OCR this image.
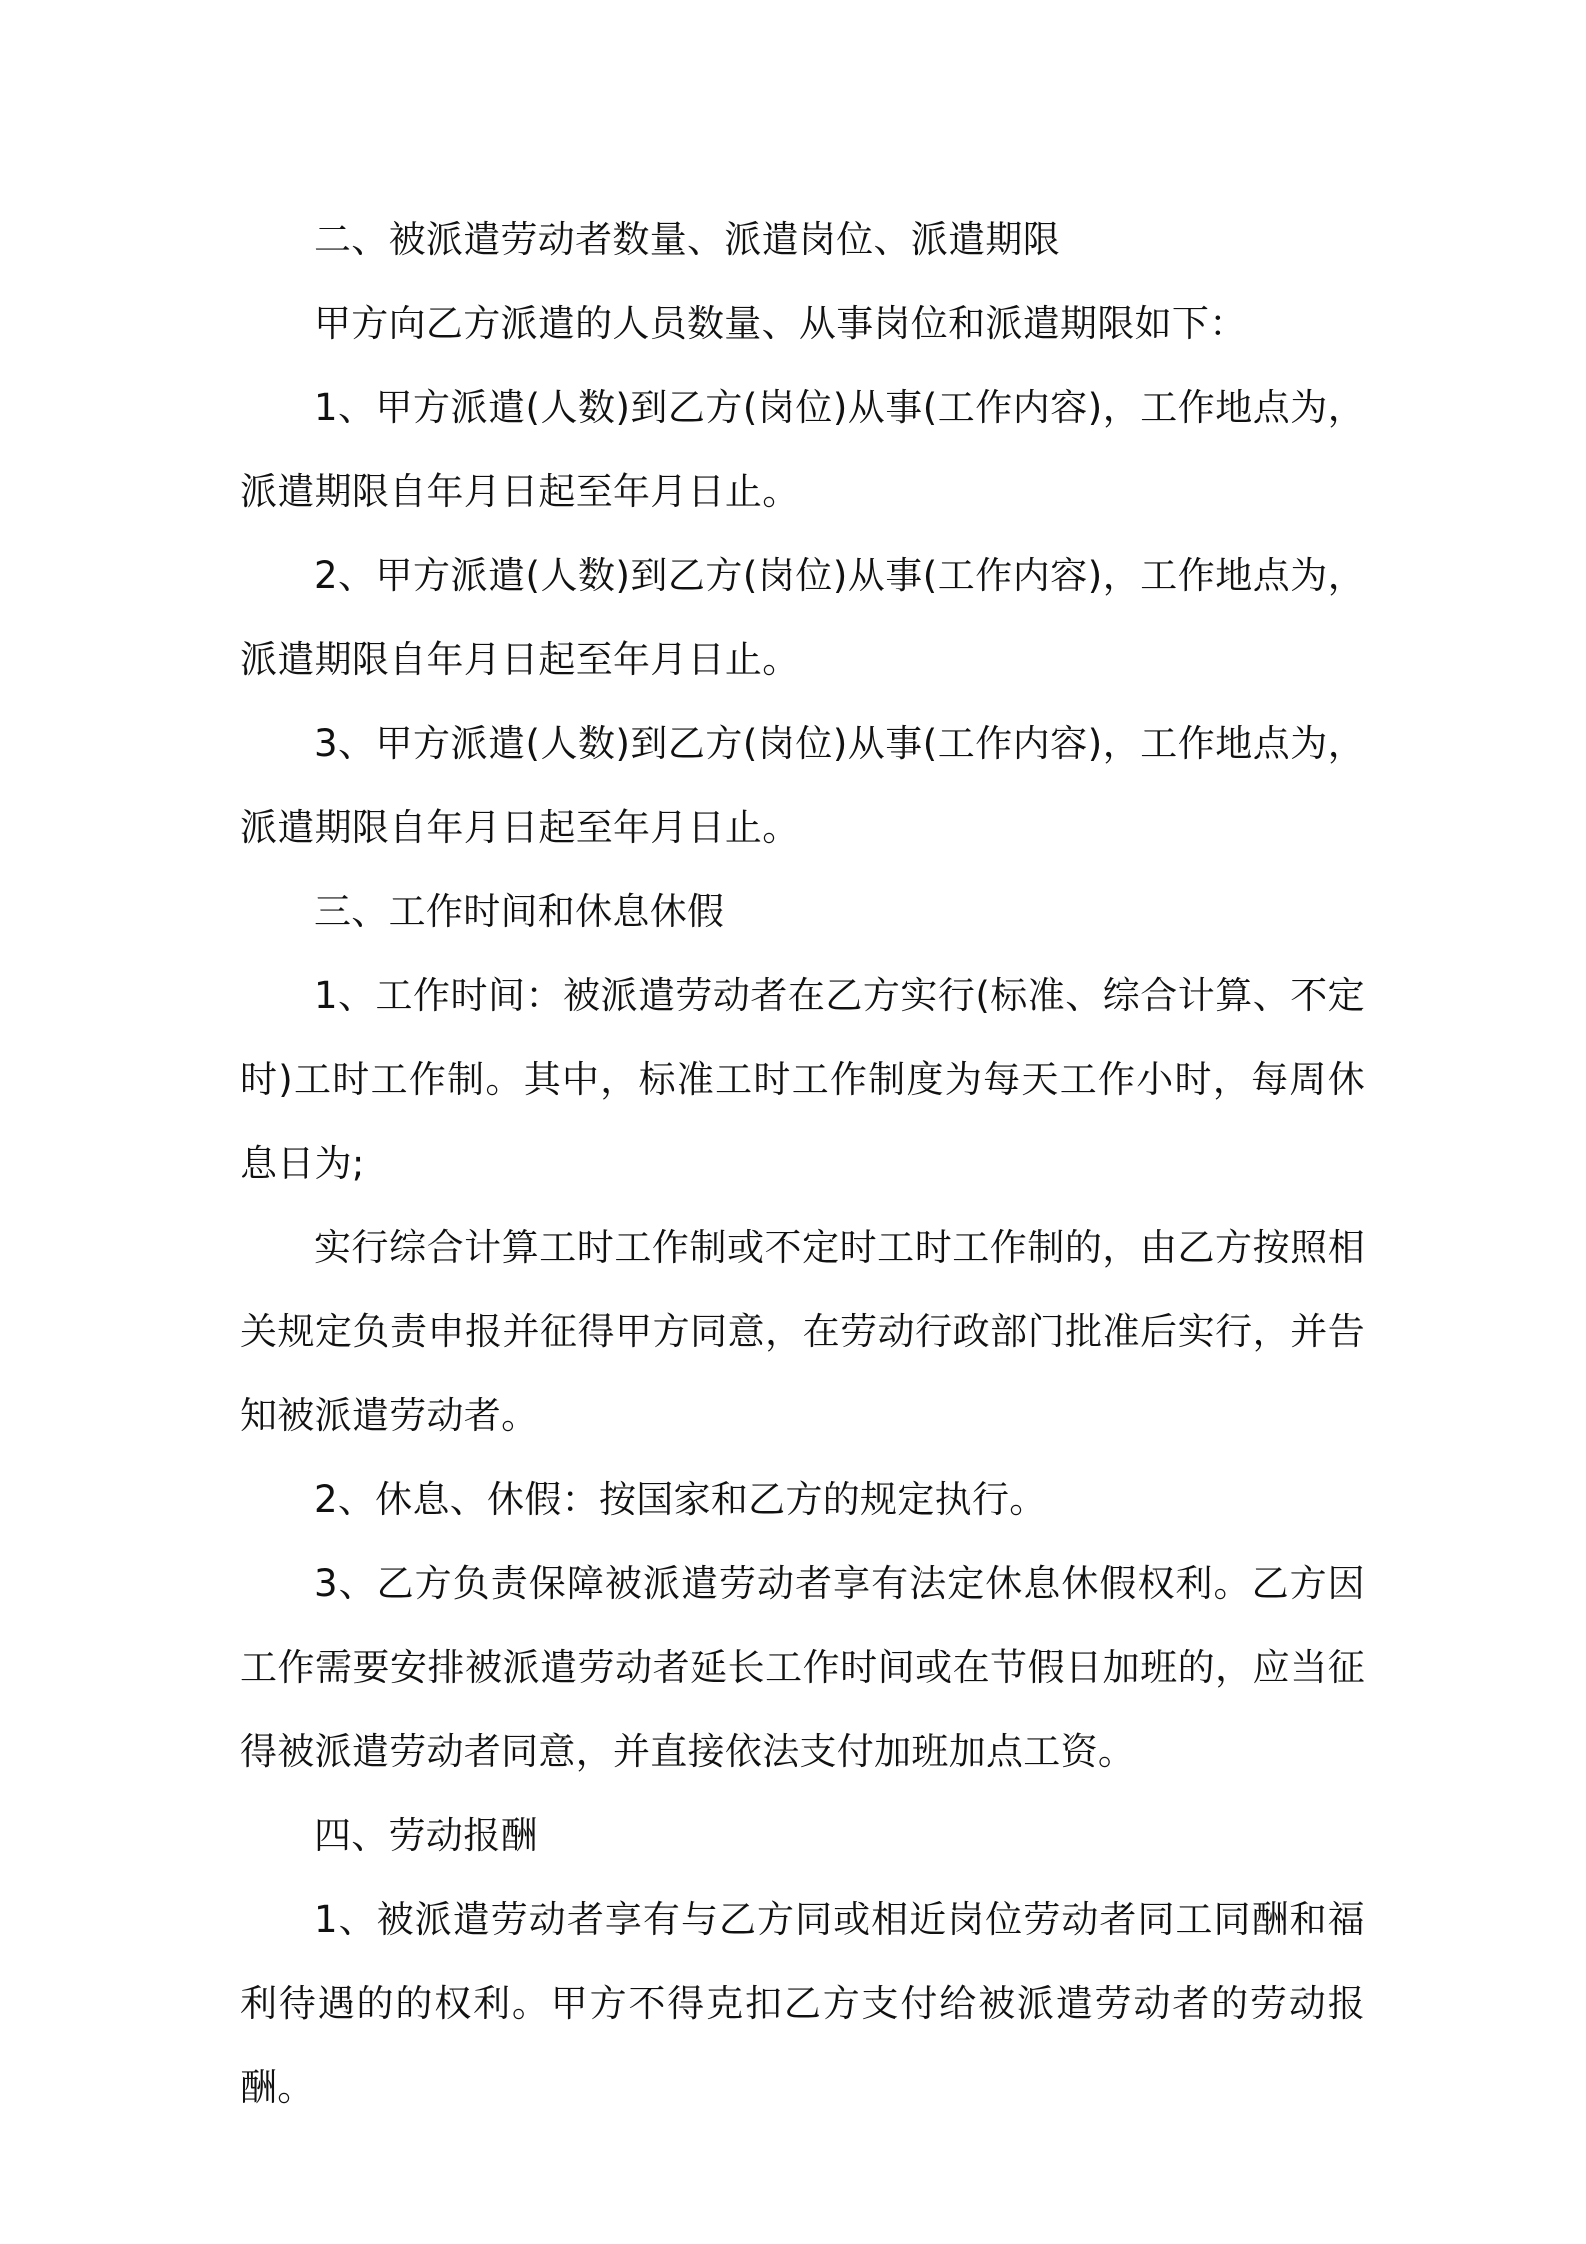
二、被派遣劳动者数量、派遣岗位、派遣期限

甲方向乙方派遣的人员数量、从事岗位和派遣期限如下：

1、甲方派遣(人数)到乙方(岗位)从事(工作内容)，工作地点为，派遣期限自年月日起至年月日止。

2、甲方派遣(人数)到乙方(岗位)从事(工作内容)，工作地点为，派遣期限自年月日起至年月日止。

3、甲方派遣(人数)到乙方(岗位)从事(工作内容)，工作地点为，派遣期限自年月日起至年月日止。

三、工作时间和休息休假

1、工作时间：被派遣劳动者在乙方实行(标准、综合计算、不定时)工时工作制。其中，标准工时工作制度为每天工作小时，每周休息日为;

实行综合计算工时工作制或不定时工时工作制的，由乙方按照相关规定负责申报并征得甲方同意，在劳动行政部门批准后实行，并告知被派遣劳动者。

2、休息、休假：按国家和乙方的规定执行。

3、乙方负责保障被派遣劳动者享有法定休息休假权利。乙方因工作需要安排被派遣劳动者延长工作时间或在节假日加班的，应当征得被派遣劳动者同意，并直接依法支付加班加点工资。

四、劳动报酬

1、被派遣劳动者享有与乙方同或相近岗位劳动者同工同酬和福利待遇的的权利。甲方不得克扣乙方支付给被派遣劳动者的劳动报酬。
